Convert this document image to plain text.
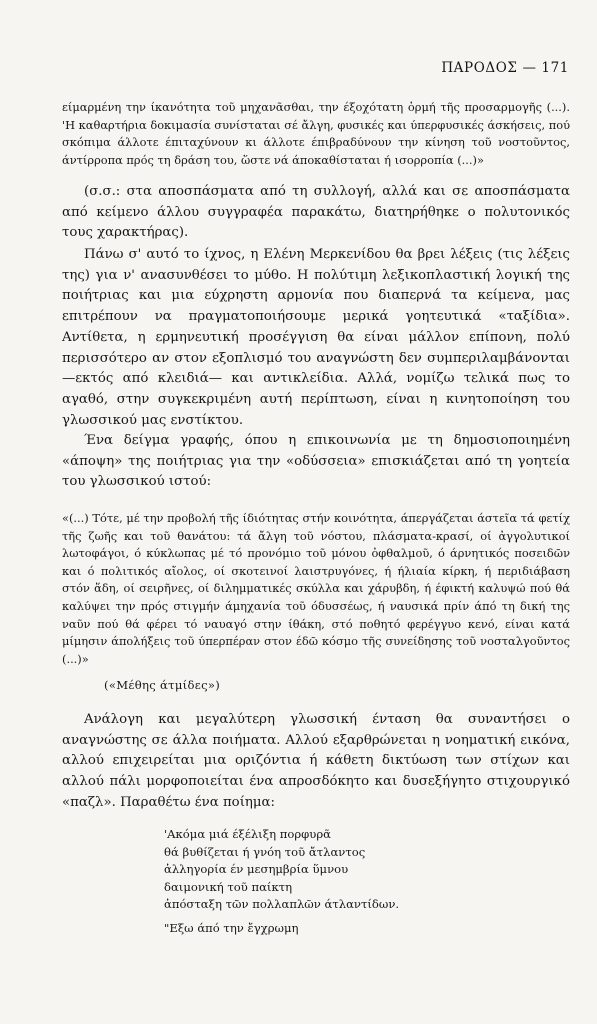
ΠΑΡΟΔΟΣ — 171

είμαρμένη την ίκανότητα τοῦ μηχανᾶσθαι, την έξοχότατη ὁρμή τῆς προσαρμογῆς (...). 'Η καθαρτήρια δοκιμασία συνίσταται σέ ἄλγη, φυσικές και ύπερφυσικές άσκήσεις, πού σκόπιμα άλλοτε έπιταχύνουν κι άλλοτε έπιβραδύνουν την κίνηση τοῦ νοστοῦντος, άντίρροπα πρός τη δράση του, ὥστε νά άποκαθίσταται ή ισορροπία (...)»

(σ.σ.: στα αποσπάσματα από τη συλλογή, αλλά και σε αποσπάσματα από κείμενο άλλου συγγραφέα παρακάτω, διατηρήθηκε ο πολυτονικός τους χαρακτήρας).

Πάνω σ' αυτό το ίχνος, η Ελένη Μερκενίδου θα βρει λέξεις (τις λέξεις της) για ν' ανασυνθέσει το μύθο. Η πολύτιμη λεξικοπλαστική λογική της ποιήτριας και μια εύχρηστη αρμονία που διαπερνά τα κείμενα, μας επιτρέπουν να πραγματοποιήσουμε μερικά γοητευτικά «ταξίδια». Αντίθετα, η ερμηνευτική προσέγγιση θα είναι μάλλον επίπονη, πολύ περισσότερο αν στον εξοπλισμό του αναγνώστη δεν συμπεριλαμβάνονται —εκτός από κλειδιά— και αντικλείδια. Αλλά, νομίζω τελικά πως το αγαθό, στην συγκεκριμένη αυτή περίπτωση, είναι η κινητοποίηση του γλωσσικού μας ενστίκτου.

Ένα δείγμα γραφής, όπου η επικοινωνία με τη δημοσιοποιημένη «άποψη» της ποιήτριας για την «οδύσσεια» επισκιάζεται από τη γοητεία του γλωσσικού ιστού:

«(...) Τότε, μέ την προβολή τῆς ίδιότητας στήν κοινότητα, άπεργάζεται άστεῖα τά φετίχ τῆς ζωῆς και τοῦ θανάτου: τά ἄλγη τοῦ νόστου, πλάσματα-κρασί, οί ἀγγολυτικοί λωτοφάγοι, ό κύκλωπας μέ τό προνόμιο τοῦ μόνου ὀφθαλμοῦ, ό άρνητικός ποσειδῶν και ό πολιτικός αἴολος, οί σκοτεινοί λαιστρυγόνες, ή ήλιαία κίρκη, ή περιδιάβαση στόν ἅδη, οί σειρῆνες, οί διλημματικές σκύλλα και χάρυβδη, ή έφικτή καλυψώ πού θά καλύψει την πρός στιγμήν άμηχανία τοῦ όδυσσέως, ή ναυσικά πρίν άπό τη δική της ναῦν πού θά φέρει τό ναυαγό στην ίθάκη, στό ποθητό φερέγγυο κενό, είναι κατά μίμησιν άπολήξεις τοῦ ύπερπέραν στον έδῶ κόσμο τῆς συνείδησης τοῦ νοσταλγοῦντος (...)»

(«Μέθης άτμίδες»)

Ανάλογη και μεγαλύτερη γλωσσική ένταση θα συναντήσει ο αναγνώστης σε άλλα ποιήματα. Αλλού εξαρθρώνεται η νοηματική εικόνα, αλλού επιχειρείται μια οριζόντια ή κάθετη δικτύωση των στίχων και αλλού πάλι μορφοποιείται ένα απροσδόκητο και δυσεξήγητο στιχουργικό «παζλ». Παραθέτω ένα ποίημα:

'Ακόμα μιά έξέλιξη πορφυρᾶ
θά βυθίζεται ή γνόη τοῦ ἄτλαντος
ἀλληγορία έν μεσημβρία ὕμνου
δαιμονική τοῦ παίκτη
ἀπόσταξη τῶν πολλαπλῶν άτλαντίδων.
"Εξω άπό την ἔγχρωμη
